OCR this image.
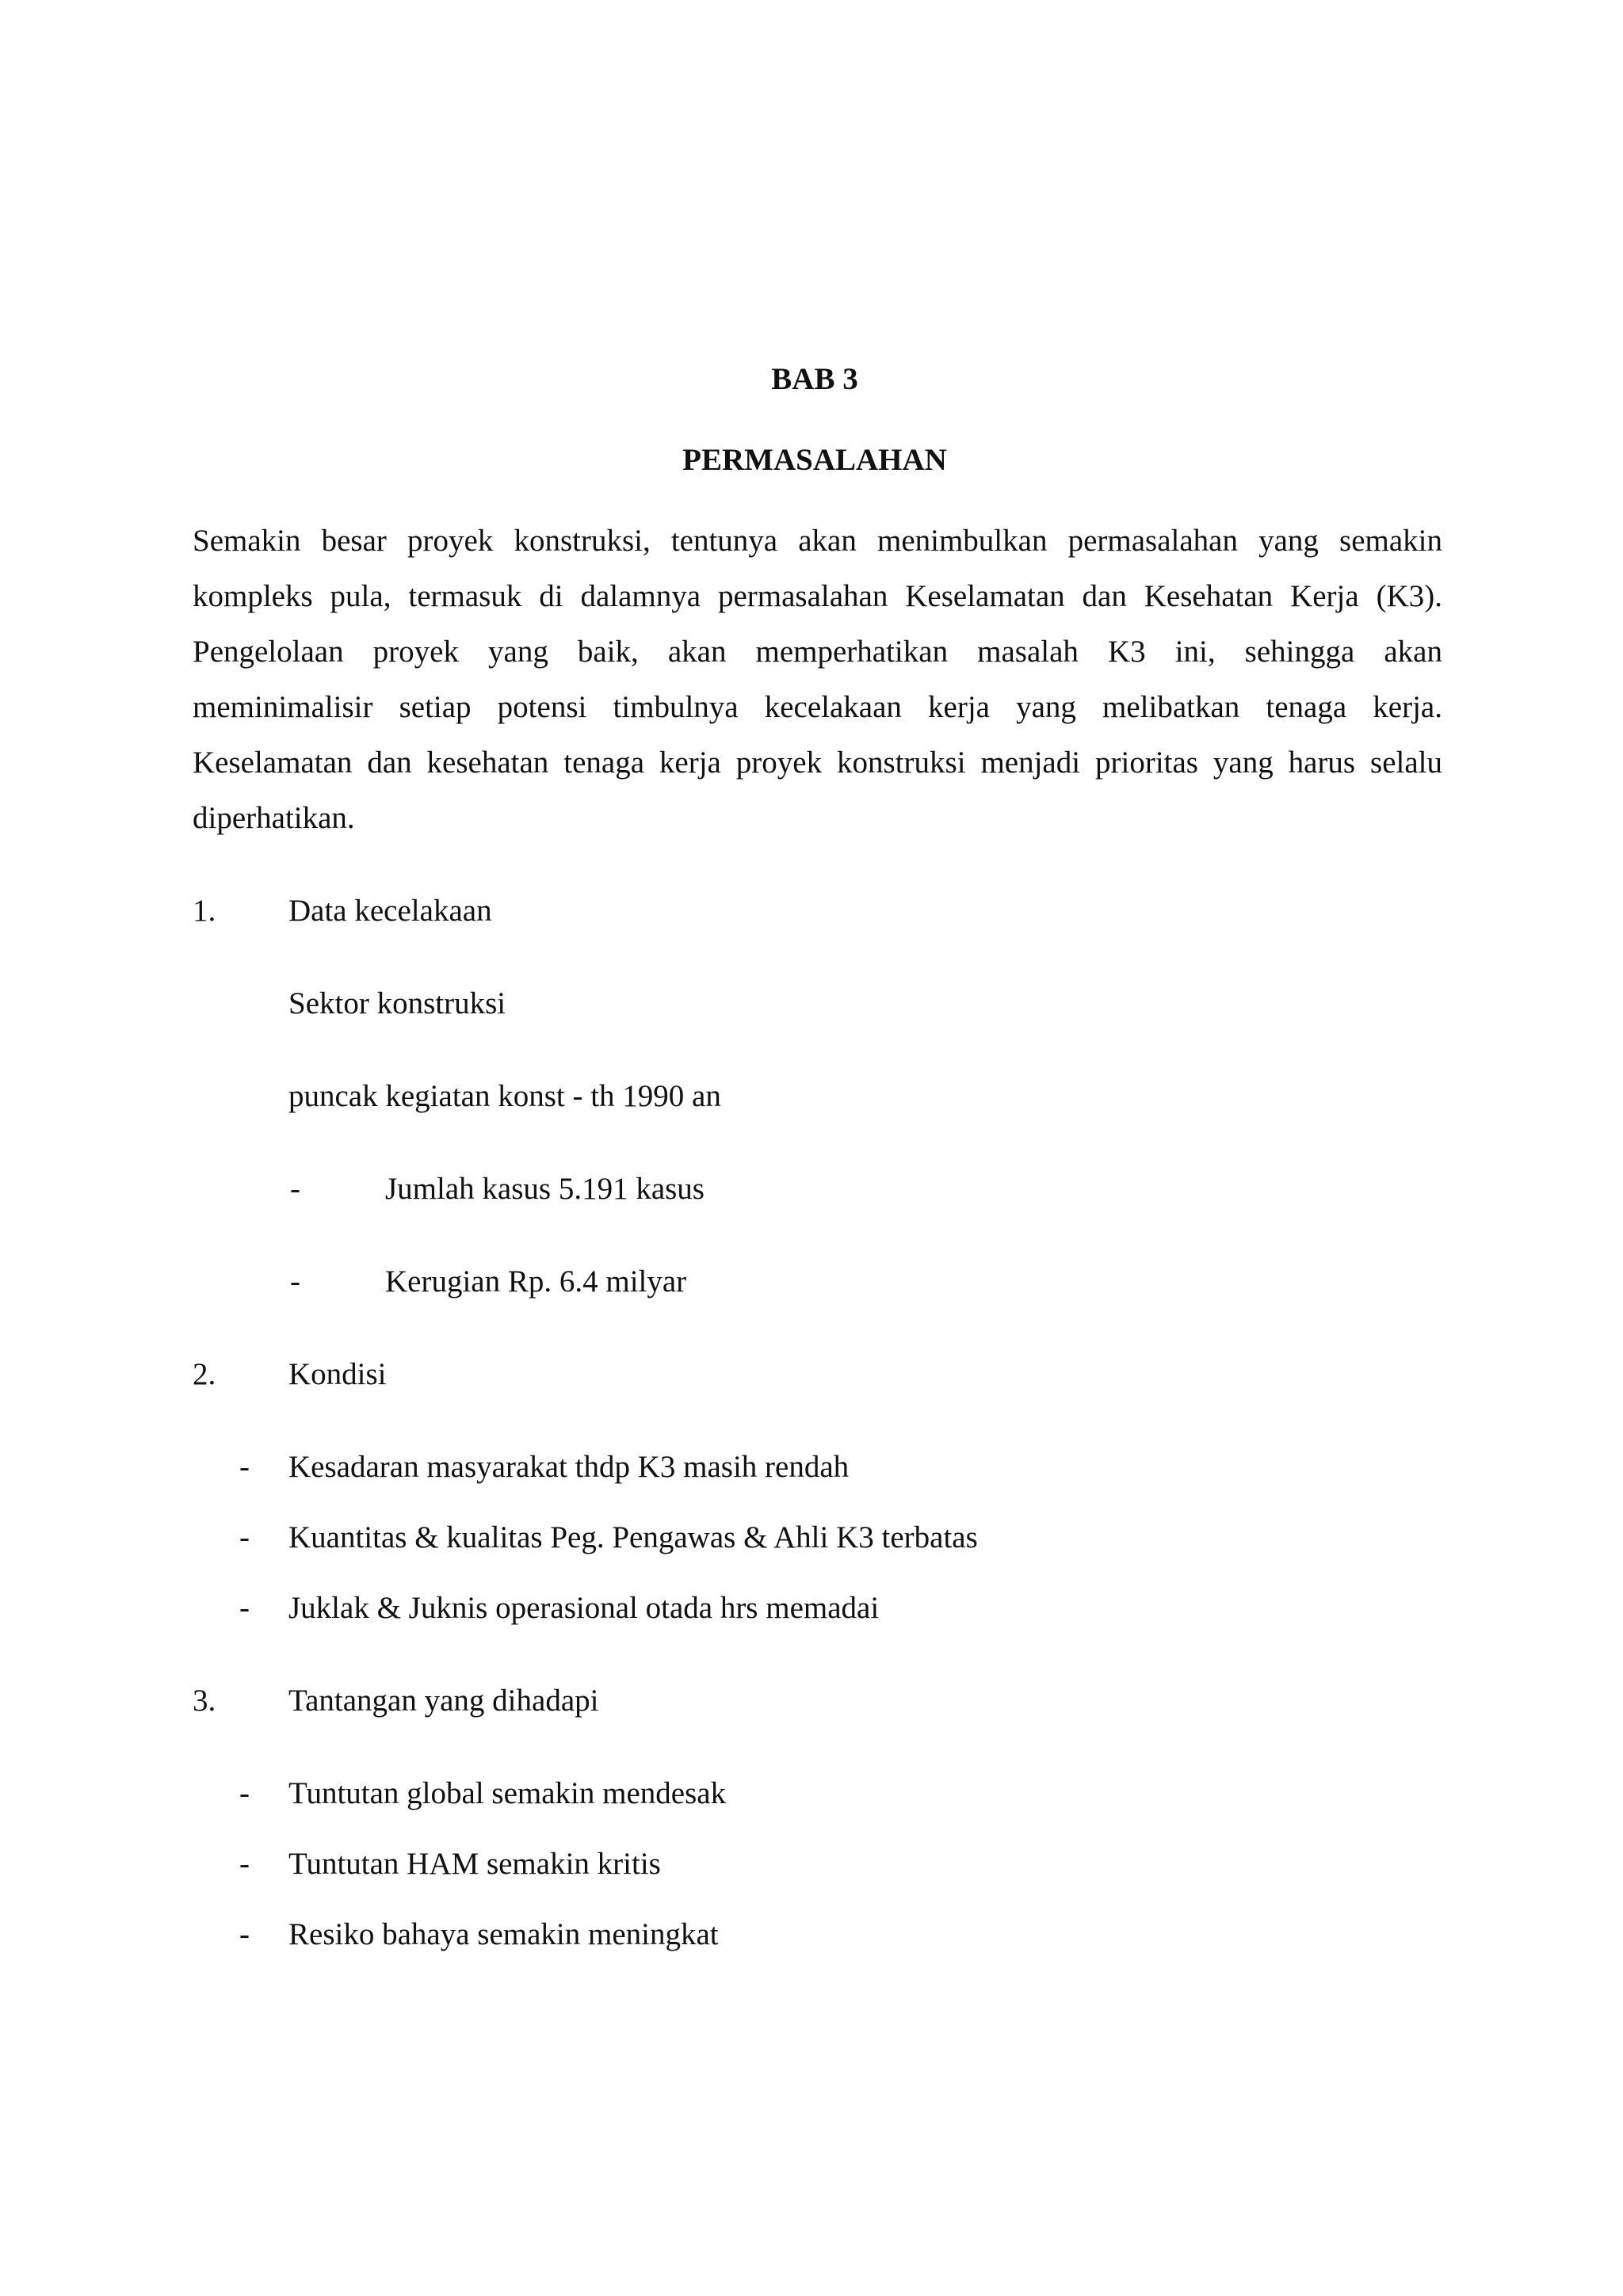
BAB 3
PERMASALAHAN
Semakin besar proyek konstruksi, tentunya akan menimbulkan permasalahan yang semakin
kompleks pula, termasuk di dalamnya permasalahan Keselamatan dan Kesehatan Kerja (K3).
Pengelolaan proyek yang baik, akan memperhatikan masalah K3 ini, sehingga akan
meminimalisir setiap potensi timbulnya kecelakaan kerja yang melibatkan tenaga kerja.
Keselamatan dan kesehatan tenaga kerja proyek konstruksi menjadi prioritas yang harus selalu
diperhatikan.
1. Data kecelakaan
Sektor konstruksi
puncak kegiatan konst - th 1990 an
-	Jumlah kasus 5.191 kasus
-	Kerugian Rp. 6.4 milyar
2. Kondisi
- Kesadaran masyarakat thdp K3 masih rendah
- Kuantitas & kualitas Peg. Pengawas & Ahli K3 terbatas
- Juklak & Juknis operasional otada hrs memadai
3. Tantangan yang dihadapi
- Tuntutan global semakin mendesak
- Tuntutan HAM semakin kritis
- Resiko bahaya semakin meningkat
